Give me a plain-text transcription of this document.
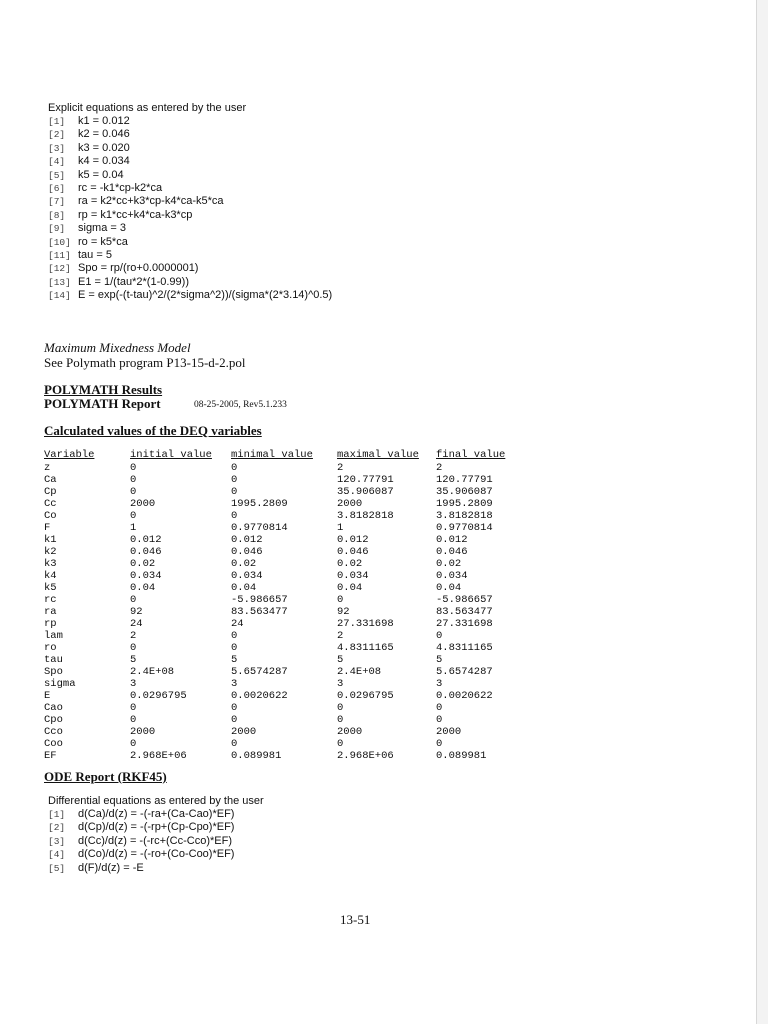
Explicit equations as entered by the user
[1] k1 = 0.012
[2] k2 = 0.046
[3] k3 = 0.020
[4] k4 = 0.034
[5] k5 = 0.04
[6] rc = -k1*cp-k2*ca
[7] ra = k2*cc+k3*cp-k4*ca-k5*ca
[8] rp = k1*cc+k4*ca-k3*cp
[9] sigma = 3
[10] ro = k5*ca
[11] tau = 5
[12] Spo = rp/(ro+0.0000001)
[13] E1 = 1/(tau*2*(1-0.99))
[14] E = exp(-(t-tau)^2/(2*sigma^2))/(sigma*(2*3.14)^0.5)
Maximum Mixedness Model
See Polymath program P13-15-d-2.pol
POLYMATH Results
POLYMATH Report	08-25-2005, Rev5.1.233
Calculated values of the DEQ variables
Variable	initial value	minimal value	maximal value	final value
z	0	0	2	2
Ca	0	0	120.77791	120.77791
Cp	0	0	35.906087	35.906087
Cc	2000	1995.2809	2000	1995.2809
Co	0	0	3.8182818	3.8182818
F	1	0.9770814	1	0.9770814
k1	0.012	0.012	0.012	0.012
k2	0.046	0.046	0.046	0.046
k3	0.02	0.02	0.02	0.02
k4	0.034	0.034	0.034	0.034
k5	0.04	0.04	0.04	0.04
rc	0	-5.986657	0	-5.986657
ra	92	83.563477	92	83.563477
rp	24	24	27.331698	27.331698
lam	2	0	2	0
ro	0	0	4.8311165	4.8311165
tau	5	5	5	5
Spo	2.4E+08	5.6574287	2.4E+08	5.6574287
sigma	3	3	3	3
E	0.0296795	0.0020622	0.0296795	0.0020622
Cao	0	0	0	0
Cpo	0	0	0	0
Cco	2000	2000	2000	2000
Coo	0	0	0	0
EF	2.968E+06	0.089981	2.968E+06	0.089981
ODE Report (RKF45)
Differential equations as entered by the user
[1] d(Ca)/d(z) = -(-ra+(Ca-Cao)*EF)
[2] d(Cp)/d(z) = -(-rp+(Cp-Cpo)*EF)
[3] d(Cc)/d(z) = -(-rc+(Cc-Cco)*EF)
[4] d(Co)/d(z) = -(-ro+(Co-Coo)*EF)
[5] d(F)/d(z) = -E
13-51
